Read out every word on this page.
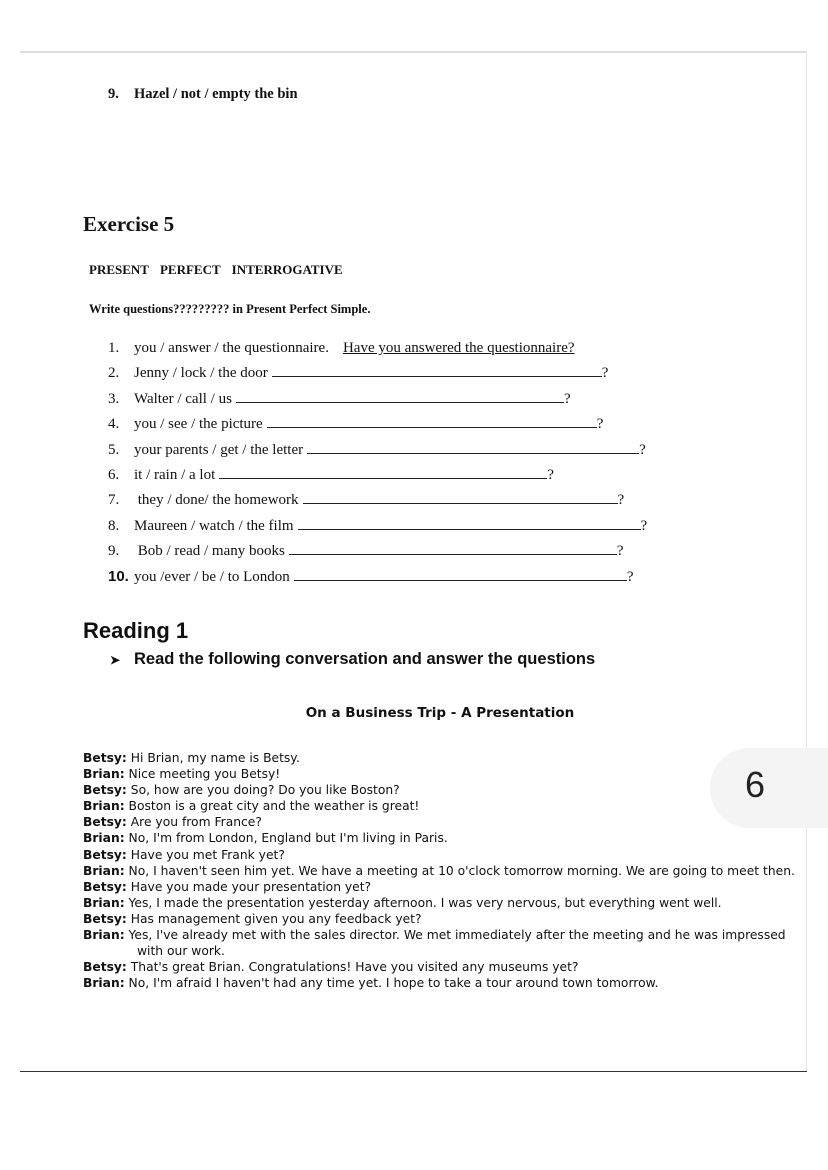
9. Hazel / not / empty the bin
Exercise 5
PRESENT PERFECT INTERROGATIVE
Write questions????????? in Present Perfect Simple.
1. you / answer / the questionnaire. Have you answered the questionnaire?
2. Jenny / lock / the door	?
3. Walter / call / us	?
4. you / see / the picture	?
5. your parents / get / the letter	?
6. it / rain / a lot	?
7. they / done/ the homework	?
8. Maureen / watch / the film	?
9. Bob / read / many books	?
10. you /ever / be / to London	?
Reading 1
➤ Read the following conversation and answer the questions
On a Business Trip - A Presentation
6
Betsy: Hi Brian, my name is Betsy.
Brian: Nice meeting you Betsy!
Betsy: So, how are you doing? Do you like Boston?
Brian: Boston is a great city and the weather is great!
Betsy: Are you from France?
Brian: No, I'm from London, England but I'm living in Paris.
Betsy: Have you met Frank yet?
Brian: No, I haven't seen him yet. We have a meeting at 10 o'clock tomorrow morning. We are going to meet then.
Betsy: Have you made your presentation yet?
Brian: Yes, I made the presentation yesterday afternoon. I was very nervous, but everything went well.
Betsy: Has management given you any feedback yet?
Brian: Yes, I've already met with the sales director. We met immediately after the meeting and he was impressed with our work.
Betsy: That's great Brian. Congratulations! Have you visited any museums yet?
Brian: No, I'm afraid I haven't had any time yet. I hope to take a tour around town tomorrow.
